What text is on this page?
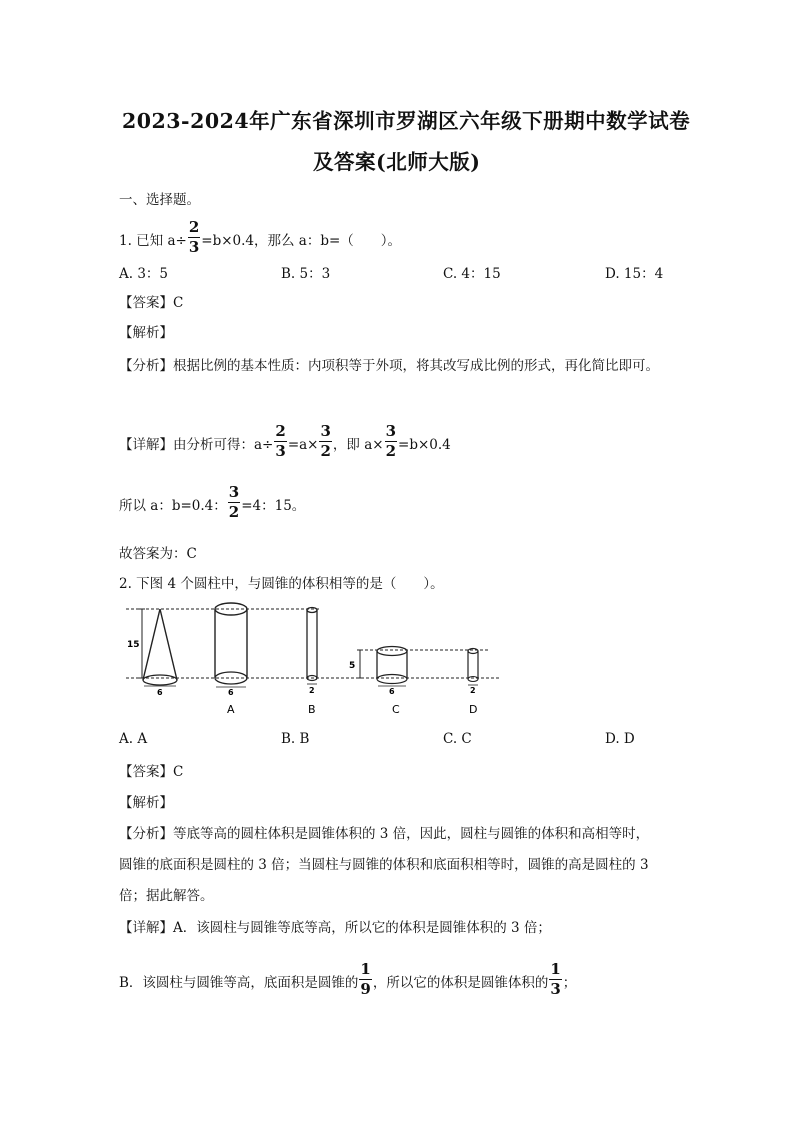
2023-2024年广东省深圳市罗湖区六年级下册期中数学试卷
及答案(北师大版)
一、选择题。
1. 已知 $a\div \frac{2}{3} =b\times 0.4$，那么 a：b=（　　）。
A. 3：5	B. 5：3	C. 4：15	D. 15：4
【答案】C
【解析】
【分析】根据比例的基本性质：内项积等于外项，将其改写成比例的形式，再化简比即可。
【详解】由分析可得：$a\div \frac{2}{3} =a\times \frac{3}{2}$ ，即 $a\times \frac{3}{2} =b\times 0.4$
所以 a：b=0.4： $\frac{3}{2} =4$：15。
故答案为：C
2. 下图 4 个圆柱中，与圆锥的体积相等的是（　　）。
15
5
6	6
A
2
B
6
C
2
D
A. A	B. B	C. C	D. D
【答案】C
【解析】
【分析】等底等高的圆柱体积是圆锥体积的 3 倍，因此，圆柱与圆锥的体积和高相等时，
圆锥的底面积是圆柱的 3 倍；当圆柱与圆锥的体积和底面积相等时，圆锥的高是圆柱的 3
倍；据此解答。
【详解】A．该圆柱与圆锥等底等高，所以它的体积是圆锥体积的 3 倍；
B．该圆柱与圆锥等高，底面积是圆锥的 $\frac{1}{9}$ ，所以它的体积是圆锥体积的 $\frac{1}{3}$ ；
